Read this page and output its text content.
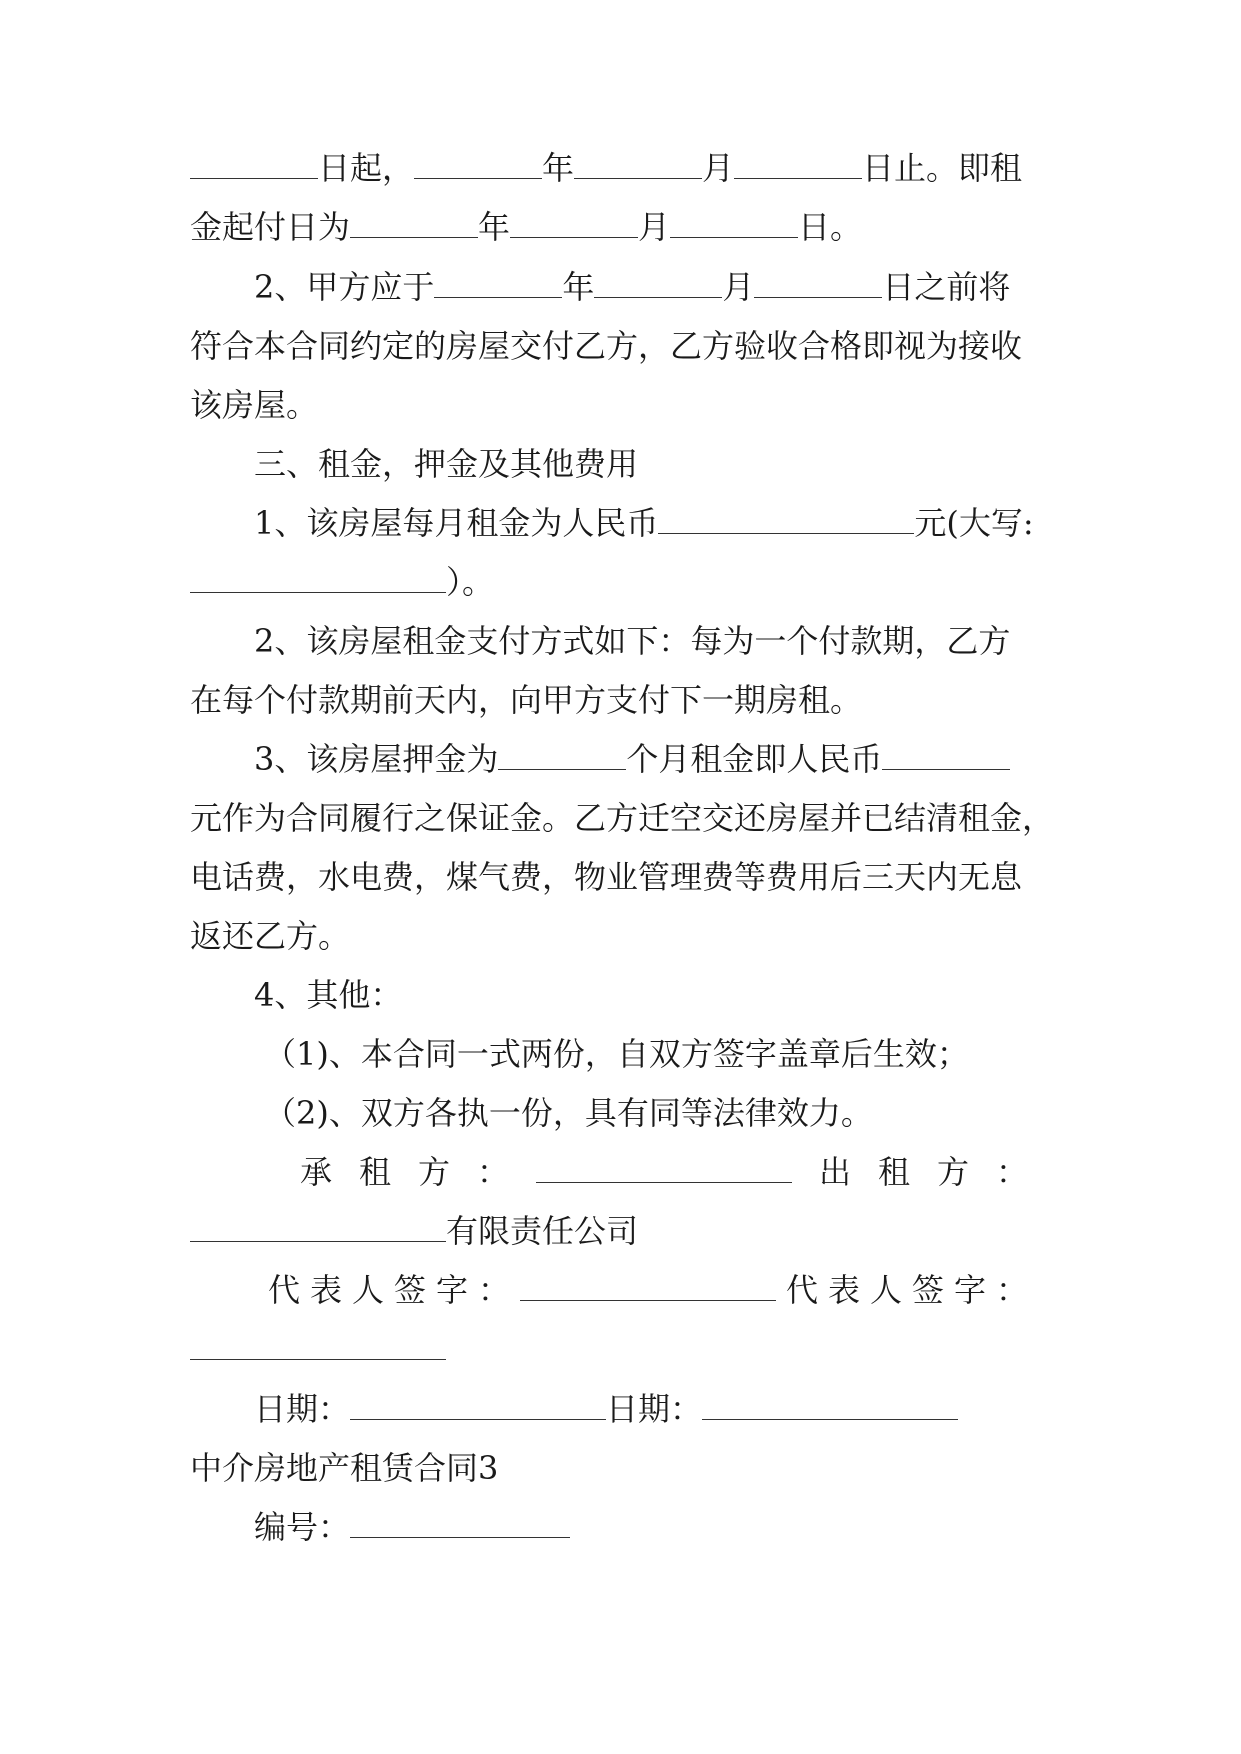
日起，	年	月	日止。即租

金起付日为	年	月	日。

2、甲方应于	年	月	日之前将

符合本合同约定的房屋交付乙方，乙方验收合格即视为接收

该房屋。

三、租金，押金及其他费用

1、该房屋每月租金为人民币	元(大写:

）。

2、该房屋租金支付方式如下：每为一个付款期，乙方

在每个付款期前天内，向甲方支付下一期房租。

3、该房屋押金为	个月租金即人民币

元作为合同履行之保证金。乙方迁空交还房屋并已结清租金，

电话费，水电费，煤气费，物业管理费等费用后三天内无息

返还乙方。

4、其他：

（1)、本合同一式两份，自双方签字盖章后生效；

（2)、双方各执一份，具有同等法律效力。

承 租 方 ：	出 租 方 ：

有限责任公司

代 表 人 签 字 ：	代 表 人 签 字 ：

日期：	日期：

中介房地产租赁合同3

编号：
